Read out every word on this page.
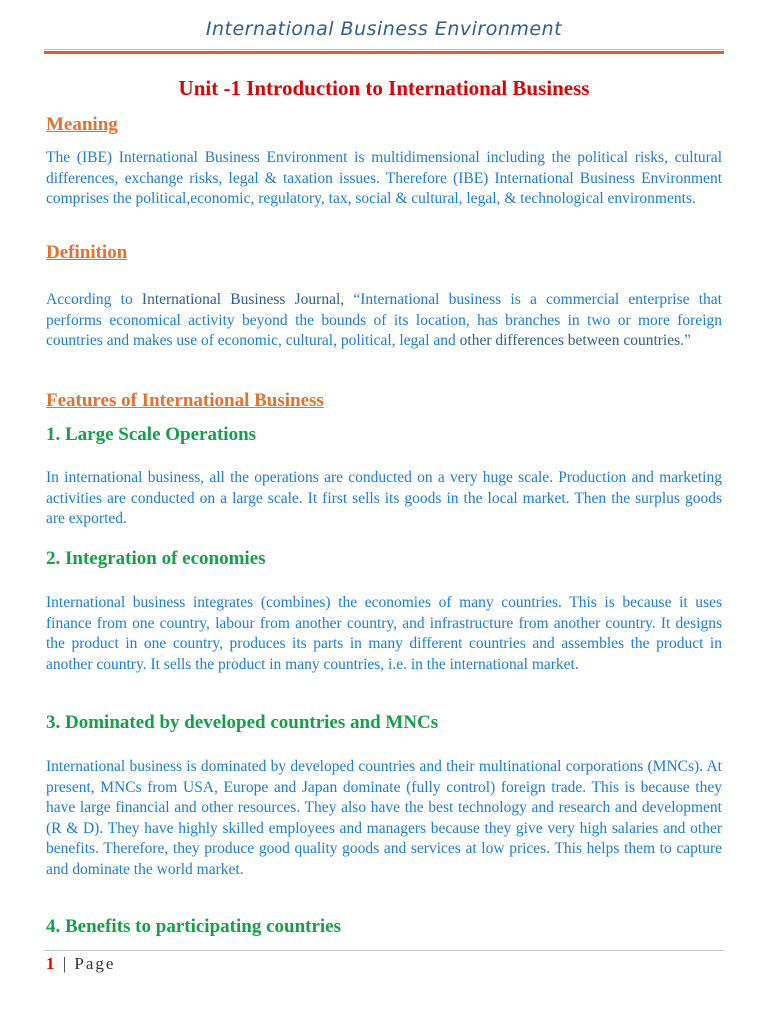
International Business Environment
Unit -1 Introduction to International Business
Meaning
The (IBE) International Business Environment is multidimensional including the political risks, cultural differences, exchange risks, legal & taxation issues. Therefore (IBE) International Business Environment comprises the political,economic, regulatory, tax, social & cultural, legal, & technological environments.
Definition
According to International Business Journal, “International business is a commercial enterprise that performs economical activity beyond the bounds of its location, has branches in two or more foreign countries and makes use of economic, cultural, political, legal and other differences between countries.”
Features of International Business
1. Large Scale Operations
In international business, all the operations are conducted on a very huge scale. Production and marketing activities are conducted on a large scale. It first sells its goods in the local market. Then the surplus goods are exported.
2. Integration of economies
International business integrates (combines) the economies of many countries. This is because it uses finance from one country, labour from another country, and infrastructure from another country. It designs the product in one country, produces its parts in many different countries and assembles the product in another country. It sells the product in many countries, i.e. in the international market.
3. Dominated by developed countries and MNCs
International business is dominated by developed countries and their multinational corporations (MNCs). At present, MNCs from USA, Europe and Japan dominate (fully control) foreign trade. This is because they have large financial and other resources. They also have the best technology and research and development (R & D). They have highly skilled employees and managers because they give very high salaries and other benefits. Therefore, they produce good quality goods and services at low prices. This helps them to capture and dominate the world market.
4. Benefits to participating countries
1 | Page
